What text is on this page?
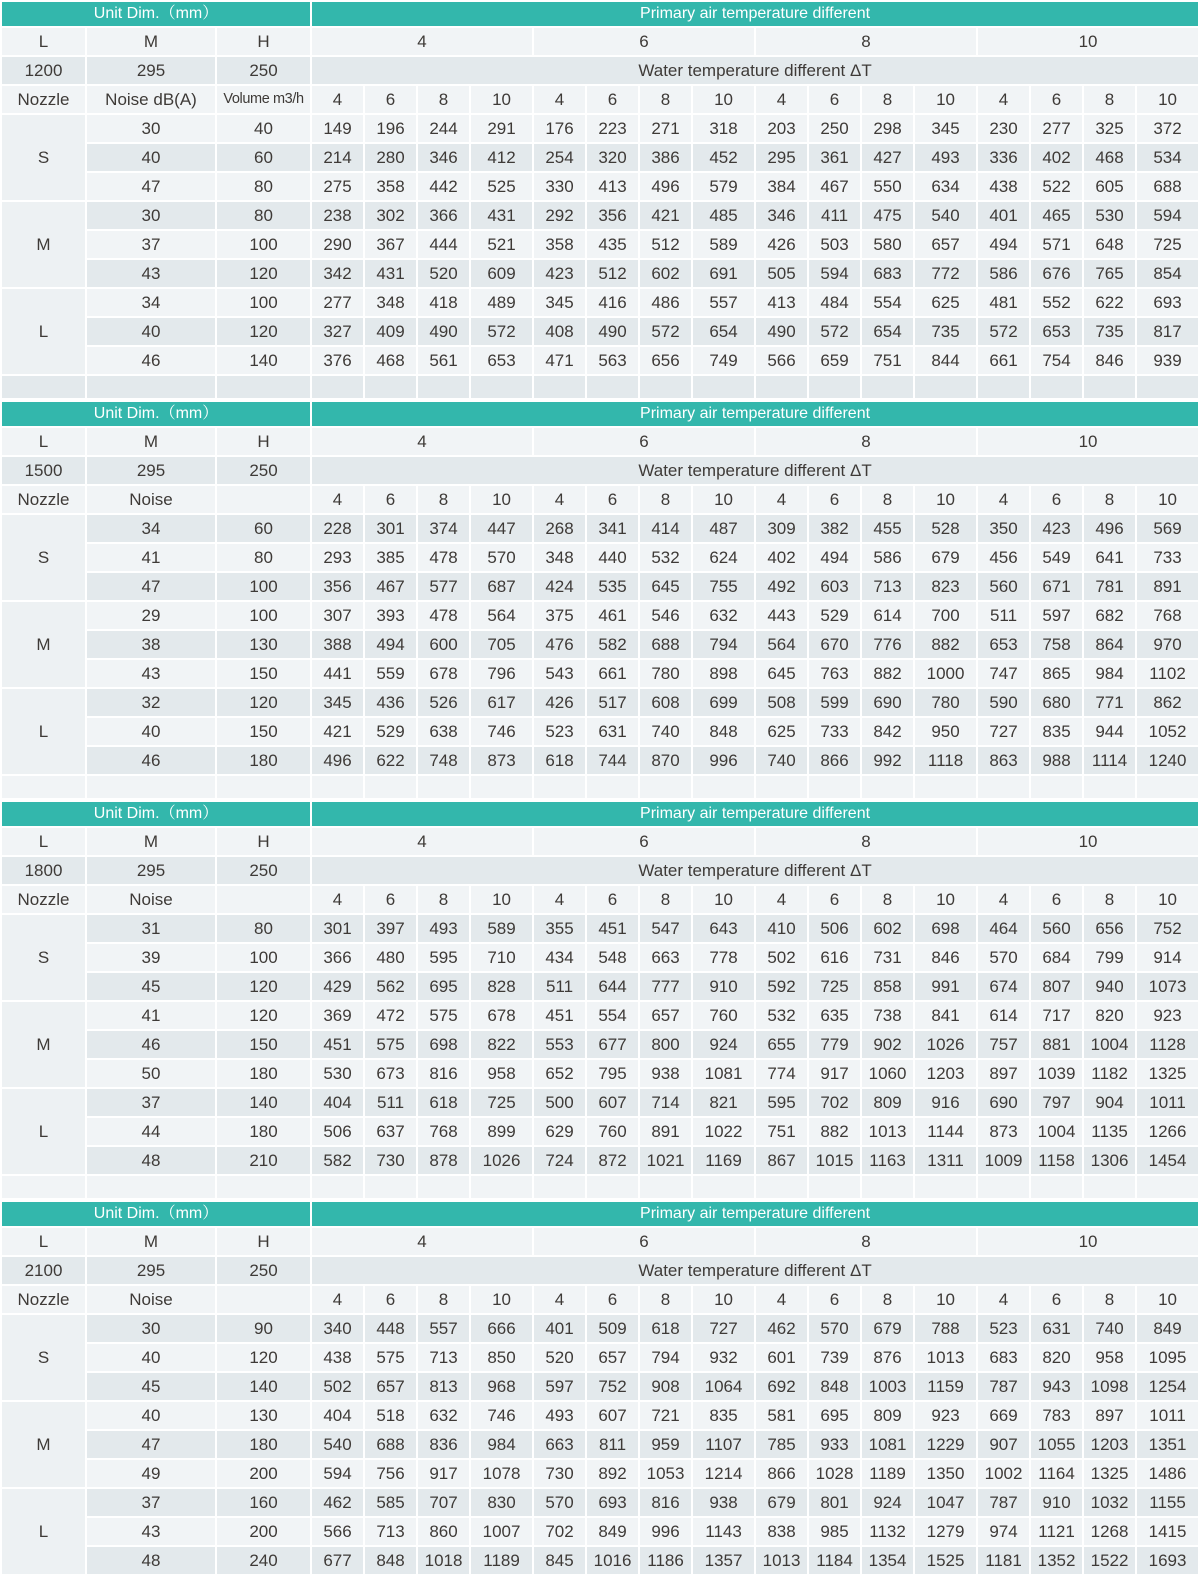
Unit Dim.（mm）			Primary air temperature different															
L	M	H	4				6				8				10			
1200	295	250	Water temperature different ΔT															
Nozzle	Noise dB(A)	Volume m3/h	4	6	8	10	4	6	8	10	4	6	8	10	4	6	8	10
S	30	40	149	196	244	291	176	223	271	318	203	250	298	345	230	277	325	372
	40	60	214	280	346	412	254	320	386	452	295	361	427	493	336	402	468	534
	47	80	275	358	442	525	330	413	496	579	384	467	550	634	438	522	605	688
M	30	80	238	302	366	431	292	356	421	485	346	411	475	540	401	465	530	594
	37	100	290	367	444	521	358	435	512	589	426	503	580	657	494	571	648	725
	43	120	342	431	520	609	423	512	602	691	505	594	683	772	586	676	765	854
L	34	100	277	348	418	489	345	416	486	557	413	484	554	625	481	552	622	693
	40	120	327	409	490	572	408	490	572	654	490	572	654	735	572	653	735	817
	46	140	376	468	561	653	471	563	656	749	566	659	751	844	661	754	846	939

Unit Dim.（mm）			Primary air temperature different															
L	M	H	4				6				8				10			
1500	295	250	Water temperature different ΔT															
Nozzle	Noise		4	6	8	10	4	6	8	10	4	6	8	10	4	6	8	10
S	34	60	228	301	374	447	268	341	414	487	309	382	455	528	350	423	496	569
	41	80	293	385	478	570	348	440	532	624	402	494	586	679	456	549	641	733
	47	100	356	467	577	687	424	535	645	755	492	603	713	823	560	671	781	891
M	29	100	307	393	478	564	375	461	546	632	443	529	614	700	511	597	682	768
	38	130	388	494	600	705	476	582	688	794	564	670	776	882	653	758	864	970
	43	150	441	559	678	796	543	661	780	898	645	763	882	1000	747	865	984	1102
L	32	120	345	436	526	617	426	517	608	699	508	599	690	780	590	680	771	862
	40	150	421	529	638	746	523	631	740	848	625	733	842	950	727	835	944	1052
	46	180	496	622	748	873	618	744	870	996	740	866	992	1118	863	988	1114	1240

Unit Dim.（mm）			Primary air temperature different															
L	M	H	4				6				8				10			
1800	295	250	Water temperature different ΔT															
Nozzle	Noise		4	6	8	10	4	6	8	10	4	6	8	10	4	6	8	10
S	31	80	301	397	493	589	355	451	547	643	410	506	602	698	464	560	656	752
	39	100	366	480	595	710	434	548	663	778	502	616	731	846	570	684	799	914
	45	120	429	562	695	828	511	644	777	910	592	725	858	991	674	807	940	1073
M	41	120	369	472	575	678	451	554	657	760	532	635	738	841	614	717	820	923
	46	150	451	575	698	822	553	677	800	924	655	779	902	1026	757	881	1004	1128
	50	180	530	673	816	958	652	795	938	1081	774	917	1060	1203	897	1039	1182	1325
L	37	140	404	511	618	725	500	607	714	821	595	702	809	916	690	797	904	1011
	44	180	506	637	768	899	629	760	891	1022	751	882	1013	1144	873	1004	1135	1266
	48	210	582	730	878	1026	724	872	1021	1169	867	1015	1163	1311	1009	1158	1306	1454

Unit Dim.（mm）			Primary air temperature different															
L	M	H	4				6				8				10			
2100	295	250	Water temperature different ΔT															
Nozzle	Noise		4	6	8	10	4	6	8	10	4	6	8	10	4	6	8	10
S	30	90	340	448	557	666	401	509	618	727	462	570	679	788	523	631	740	849
	40	120	438	575	713	850	520	657	794	932	601	739	876	1013	683	820	958	1095
	45	140	502	657	813	968	597	752	908	1064	692	848	1003	1159	787	943	1098	1254
M	40	130	404	518	632	746	493	607	721	835	581	695	809	923	669	783	897	1011
	47	180	540	688	836	984	663	811	959	1107	785	933	1081	1229	907	1055	1203	1351
	49	200	594	756	917	1078	730	892	1053	1214	866	1028	1189	1350	1002	1164	1325	1486
L	37	160	462	585	707	830	570	693	816	938	679	801	924	1047	787	910	1032	1155
	43	200	566	713	860	1007	702	849	996	1143	838	985	1132	1279	974	1121	1268	1415
	48	240	677	848	1018	1189	845	1016	1186	1357	1013	1184	1354	1525	1181	1352	1522	1693
